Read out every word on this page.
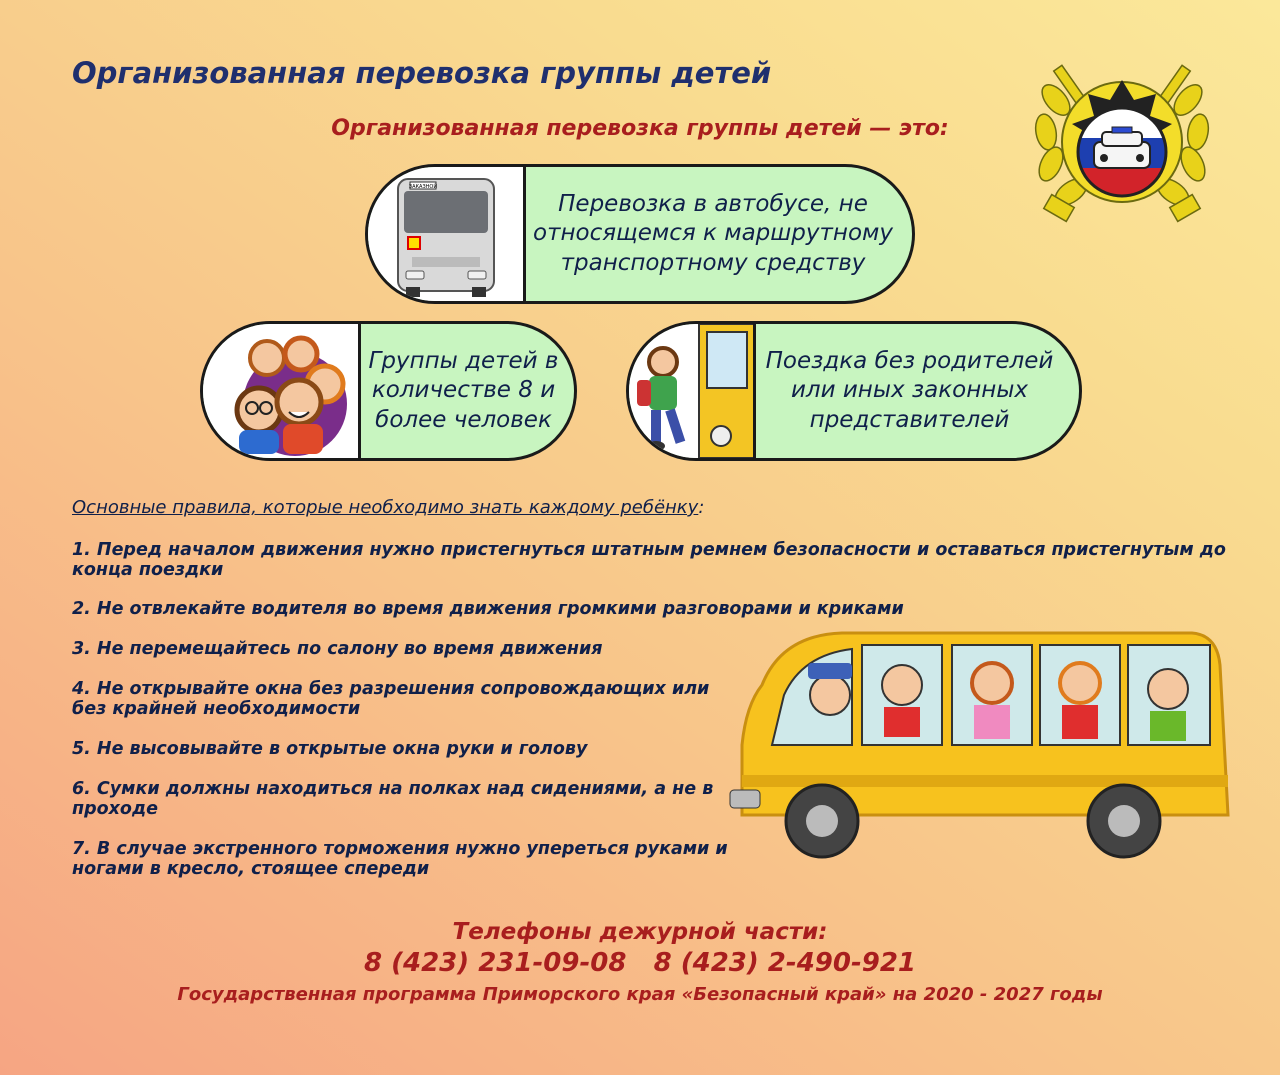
Организованная перевозка группы детей
Организованная перевозка группы детей — это:
ЗАКАЗНОЙ
Перевозка в автобусе, не относящемся к маршрутному транспортному средству
Группы детей в количестве 8 и более человек
Поездка без родителей или иных законных представителей
Основные правила, которые необходимо знать каждому ребёнку:

1. Перед началом движения нужно пристегнуться штатным ремнем безопасности и оставаться пристегнутым до конца поездки

2. Не отвлекайте водителя во время движения громкими разговорами и криками

3. Не перемещайтесь по салону во время движения

4. Не открывайте окна без разрешения сопровождающих или без крайней необходимости

5. Не высовывайте в открытые окна руки и голову

6. Сумки должны находиться на полках над сидениями, а не в проходе

7. В случае экстренного торможения нужно упереться руками и ногами в кресло, стоящее спереди

Телефоны дежурной части:
8 (423) 231-09-08   8 (423) 2-490-921
Государственная программа Приморского края «Безопасный край» на 2020 - 2027 годы
